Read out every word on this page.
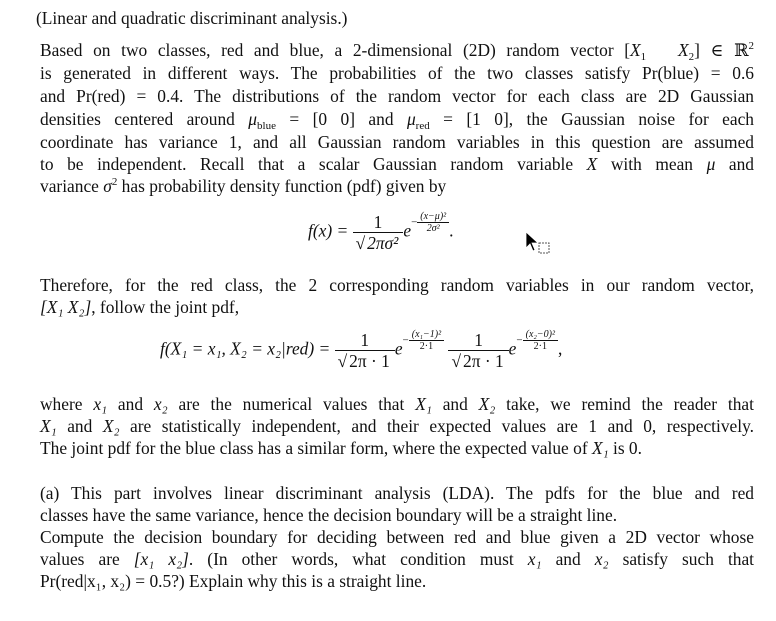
(Linear and quadratic discriminant analysis.)
Based on two classes, red and blue, a 2-dimensional (2D) random vector [$X_1$ $X_2$] ∈ ℝ$^2$
is generated in different ways. The probabilities of the two classes satisfy Pr(blue) = 0.6
and Pr(red) = 0.4. The distributions of the random vector for each class are 2D Gaussian
densities centered around $\mu_{blue} = [0$ 0] and $\mu_{red} = [1$ 0], the Gaussian noise for each
coordinate has variance 1, and all Gaussian random variables in this question are assumed
to be independent. Recall that a scalar Gaussian random variable X with mean μ and
variance $\sigma^2$ has probability density function (pdf) given by
$f(x) = \frac{1}{\text{√ 2πσ²}} e- \frac{\text{(x−μ)²}}{\text{2σ²}}$ .
Therefore, for the red class, the 2 corresponding random variables in our random vector,
[X₁ X₂], follow the joint pdf,
f(X₁ = x₁, $X_2 = x_2|red) = \frac{1}{√ 2\pi \cdot 1} e- \frac{\text{(x₁−1)²}}{2\cdot 1}$
$\frac{1}{√ 2\pi \cdot 1} e- \frac{\text{(x₂−0)²}}{2\cdot 1}$ ,
where x₁ and x₂ are the numerical values that X₁ and X₂ take, we remind the reader that
X₁ and X₂ are statistically independent, and their expected values are 1 and 0, respectively.
The joint pdf for the blue class has a similar form, where the expected value of X₁ is 0.
(a) This part involves linear discriminant analysis (LDA). The pdfs for the blue and red
classes have the same variance, hence the decision boundary will be a straight line.
Compute the decision boundary for deciding between red and blue given a 2D vector whose
values are [x₁ x₂]. (In other words, what condition must x₁ and x₂ satisfy such that
Pr(red|x₁, x₂) = 0.5?) Explain why this is a straight line.
